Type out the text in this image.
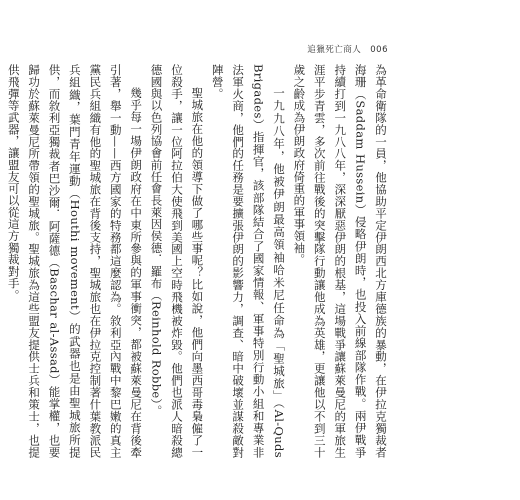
追獵死亡商人 006

為革命衛隊的一員，他協助平定伊朗西北方庫德族的暴動，在伊拉克獨裁者海珊（Saddam Hussein）侵略伊朗時，也投入前線部隊作戰。兩伊戰爭持續打到一九八八年，深深厭惡伊朗的根基，這場戰爭讓蘇萊曼尼的軍旅生涯平步青雲，多次前往戰後的突擊隊行動讓他成為英雄，更讓他以不到三十歲之齡成為伊朗政府倚重的軍事領袖。

一九九八年，他被伊朗最高領袖哈米尼任命為「聖城旅」（Al-Quds Brigades）指揮官，該部隊結合了國家情報、軍事特別行動小組和專業非法軍火商，他們的任務是要擴張伊朗的影響力，調查、暗中破壞並謀殺敵對陣營。

聖城旅在他的領導下做了哪些事呢？比如說，他們向墨西哥毒梟僱了一位殺手，讓一位阿拉伯大使飛到美國上空時飛機被炸毀。他們也派人暗殺總德國與以色列協會前任會長萊因侯德．羅布（Reinhold Robbe）。

幾乎每一場伊朗政府在中東所參與的軍事衝突，都被蘇萊曼尼在背後牽引著，舉一動——西方國家的特務都這麼認為。敘利亞內戰中黎巴嫩的真主黨民兵組織有他的聖城旅在背後支持，聖城旅也在伊拉克控制著什葉教派民兵組織，葉門青年運動（Houthi movement）的武器也是由聖城旅所提供，而敘利亞獨裁者巴沙爾．阿薩德（Baschar al-Assad）能掌權，也要歸功於蘇萊曼尼所帶領的聖城旅。聖城旅為這些盟友提供士兵和策士，也提供飛彈等武器，讓盟友可以從這方獨裁對手。
